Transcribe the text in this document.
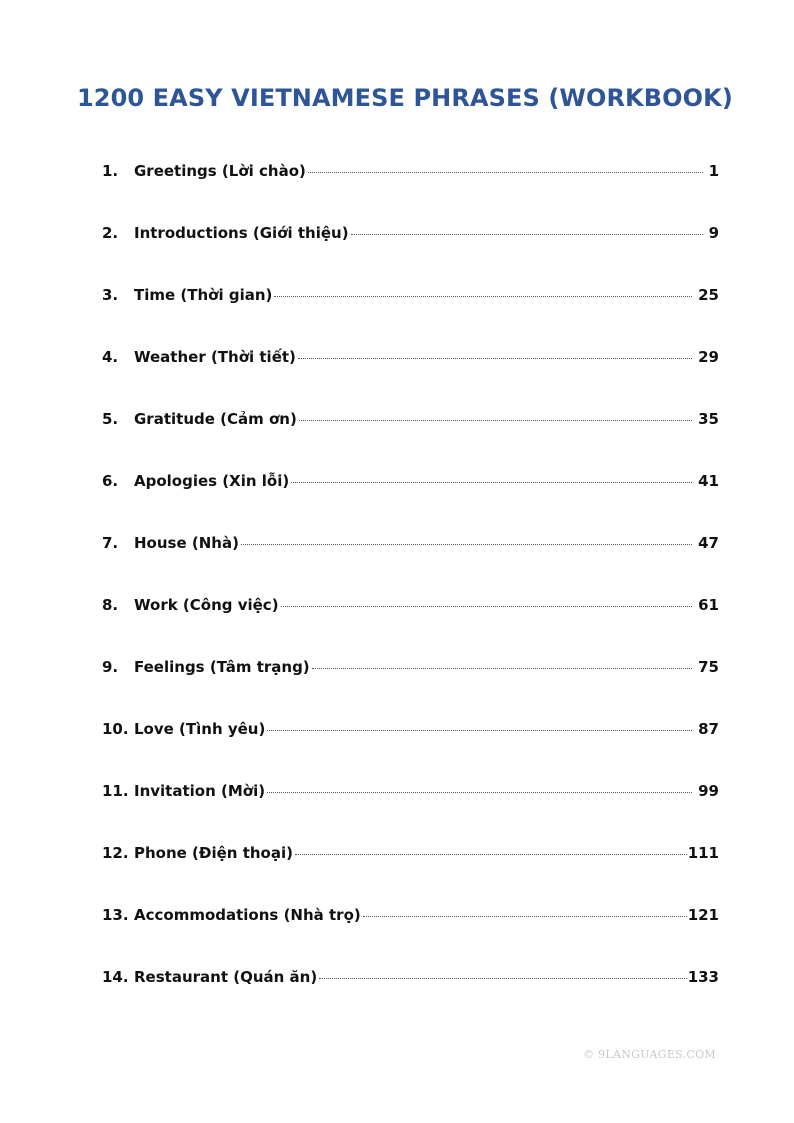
1200 EASY VIETNAMESE PHRASES (WORKBOOK)
1.	Greetings (Lời chào)	1
2.	Introductions (Giới thiệu)	9
3.	Time (Thời gian)	25
4.	Weather (Thời tiết)	29
5.	Gratitude (Cảm ơn)	35
6.	Apologies (Xin lỗi)	41
7.	House (Nhà)	47
8.	Work (Công việc)	61
9.	Feelings (Tâm trạng)	75
10. Love (Tình yêu)	87
11. Invitation (Mời)	99
12. Phone (Điện thoại)	111
13. Accommodations (Nhà trọ)	121
14. Restaurant (Quán ăn)	133
© 9LANGUAGES.COM
